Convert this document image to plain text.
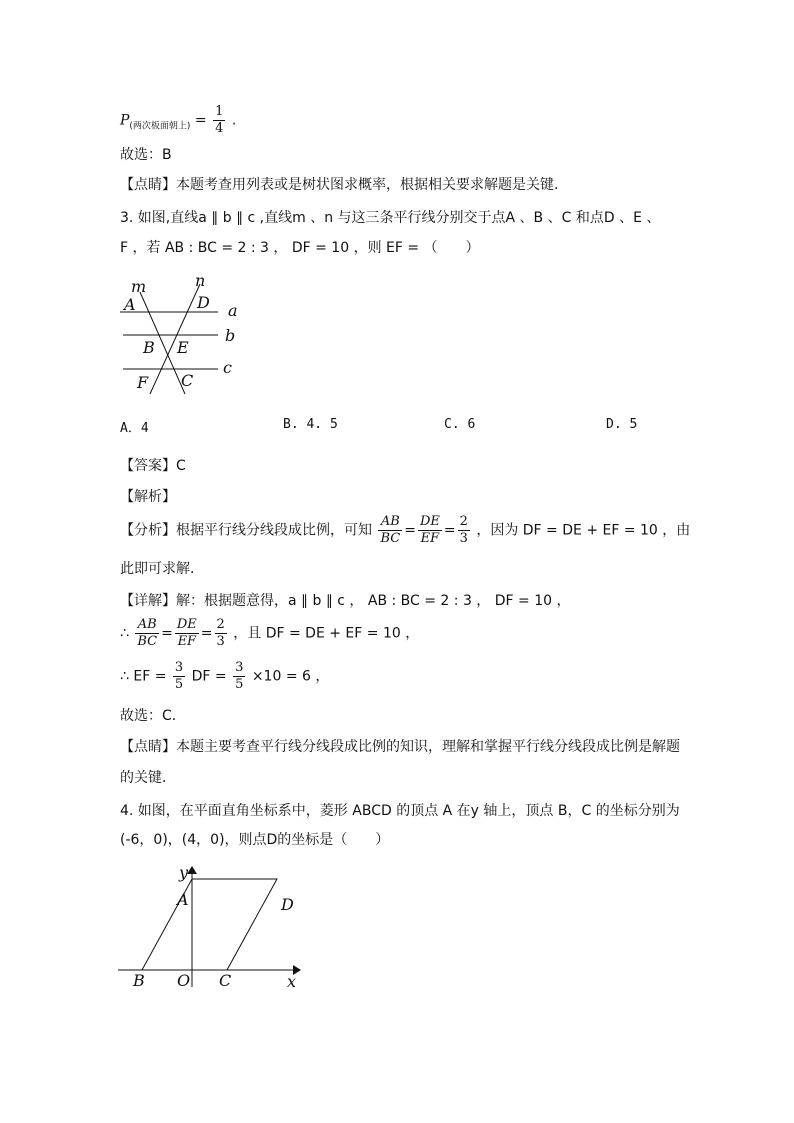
$P_{(两次板面朝上)} = \frac{1}{4}$ .
故选：B
【点睛】本题考查用列表或是树状图求概率，根据相关要求解题是关键．
3. 如图,直线a ∥ b ∥ c ,直线m 、n 与这三条平行线分别交于点A 、B 、C 和点D 、E 、
F ，若 AB : BC = 2 : 3 ， DF = 10 ，则 EF = （　　）
m	n
A	D a
b
B E
c
F C
A．4	B. 4. 5	C. 6	D. 5
【答案】C
【解析】
【分析】根据平行线分线段成比例，可知 $\frac{AB}{BC} = \frac{DE}{EF} = \frac{2}{3}$ ，因为 DF = DE + EF = 10 ，由
此即可求解．
【详解】解：根据题意得，a ∥ b ∥ c ， AB : BC = 2 : 3 ， DF = 10 ，
∴ $\frac{AB}{BC} = \frac{DE}{EF} = \frac{2}{3}$ ，且 DF = DE + EF = 10 ，
∴ EF = $\frac{3}{5}$ DF = $\frac{3}{5} \times 10 = 6$ ，
故选：C．
【点睛】本题主要考查平行线分线段成比例的知识，理解和掌握平行线分线段成比例是解题
的关键．
4. 如图，在平面直角坐标系中，菱形 ABCD 的顶点 A 在y 轴上，顶点 B，C 的坐标分别为
(-6，0)，(4，0)，则点D的坐标是（　　）
y
A	D
B O C	x
